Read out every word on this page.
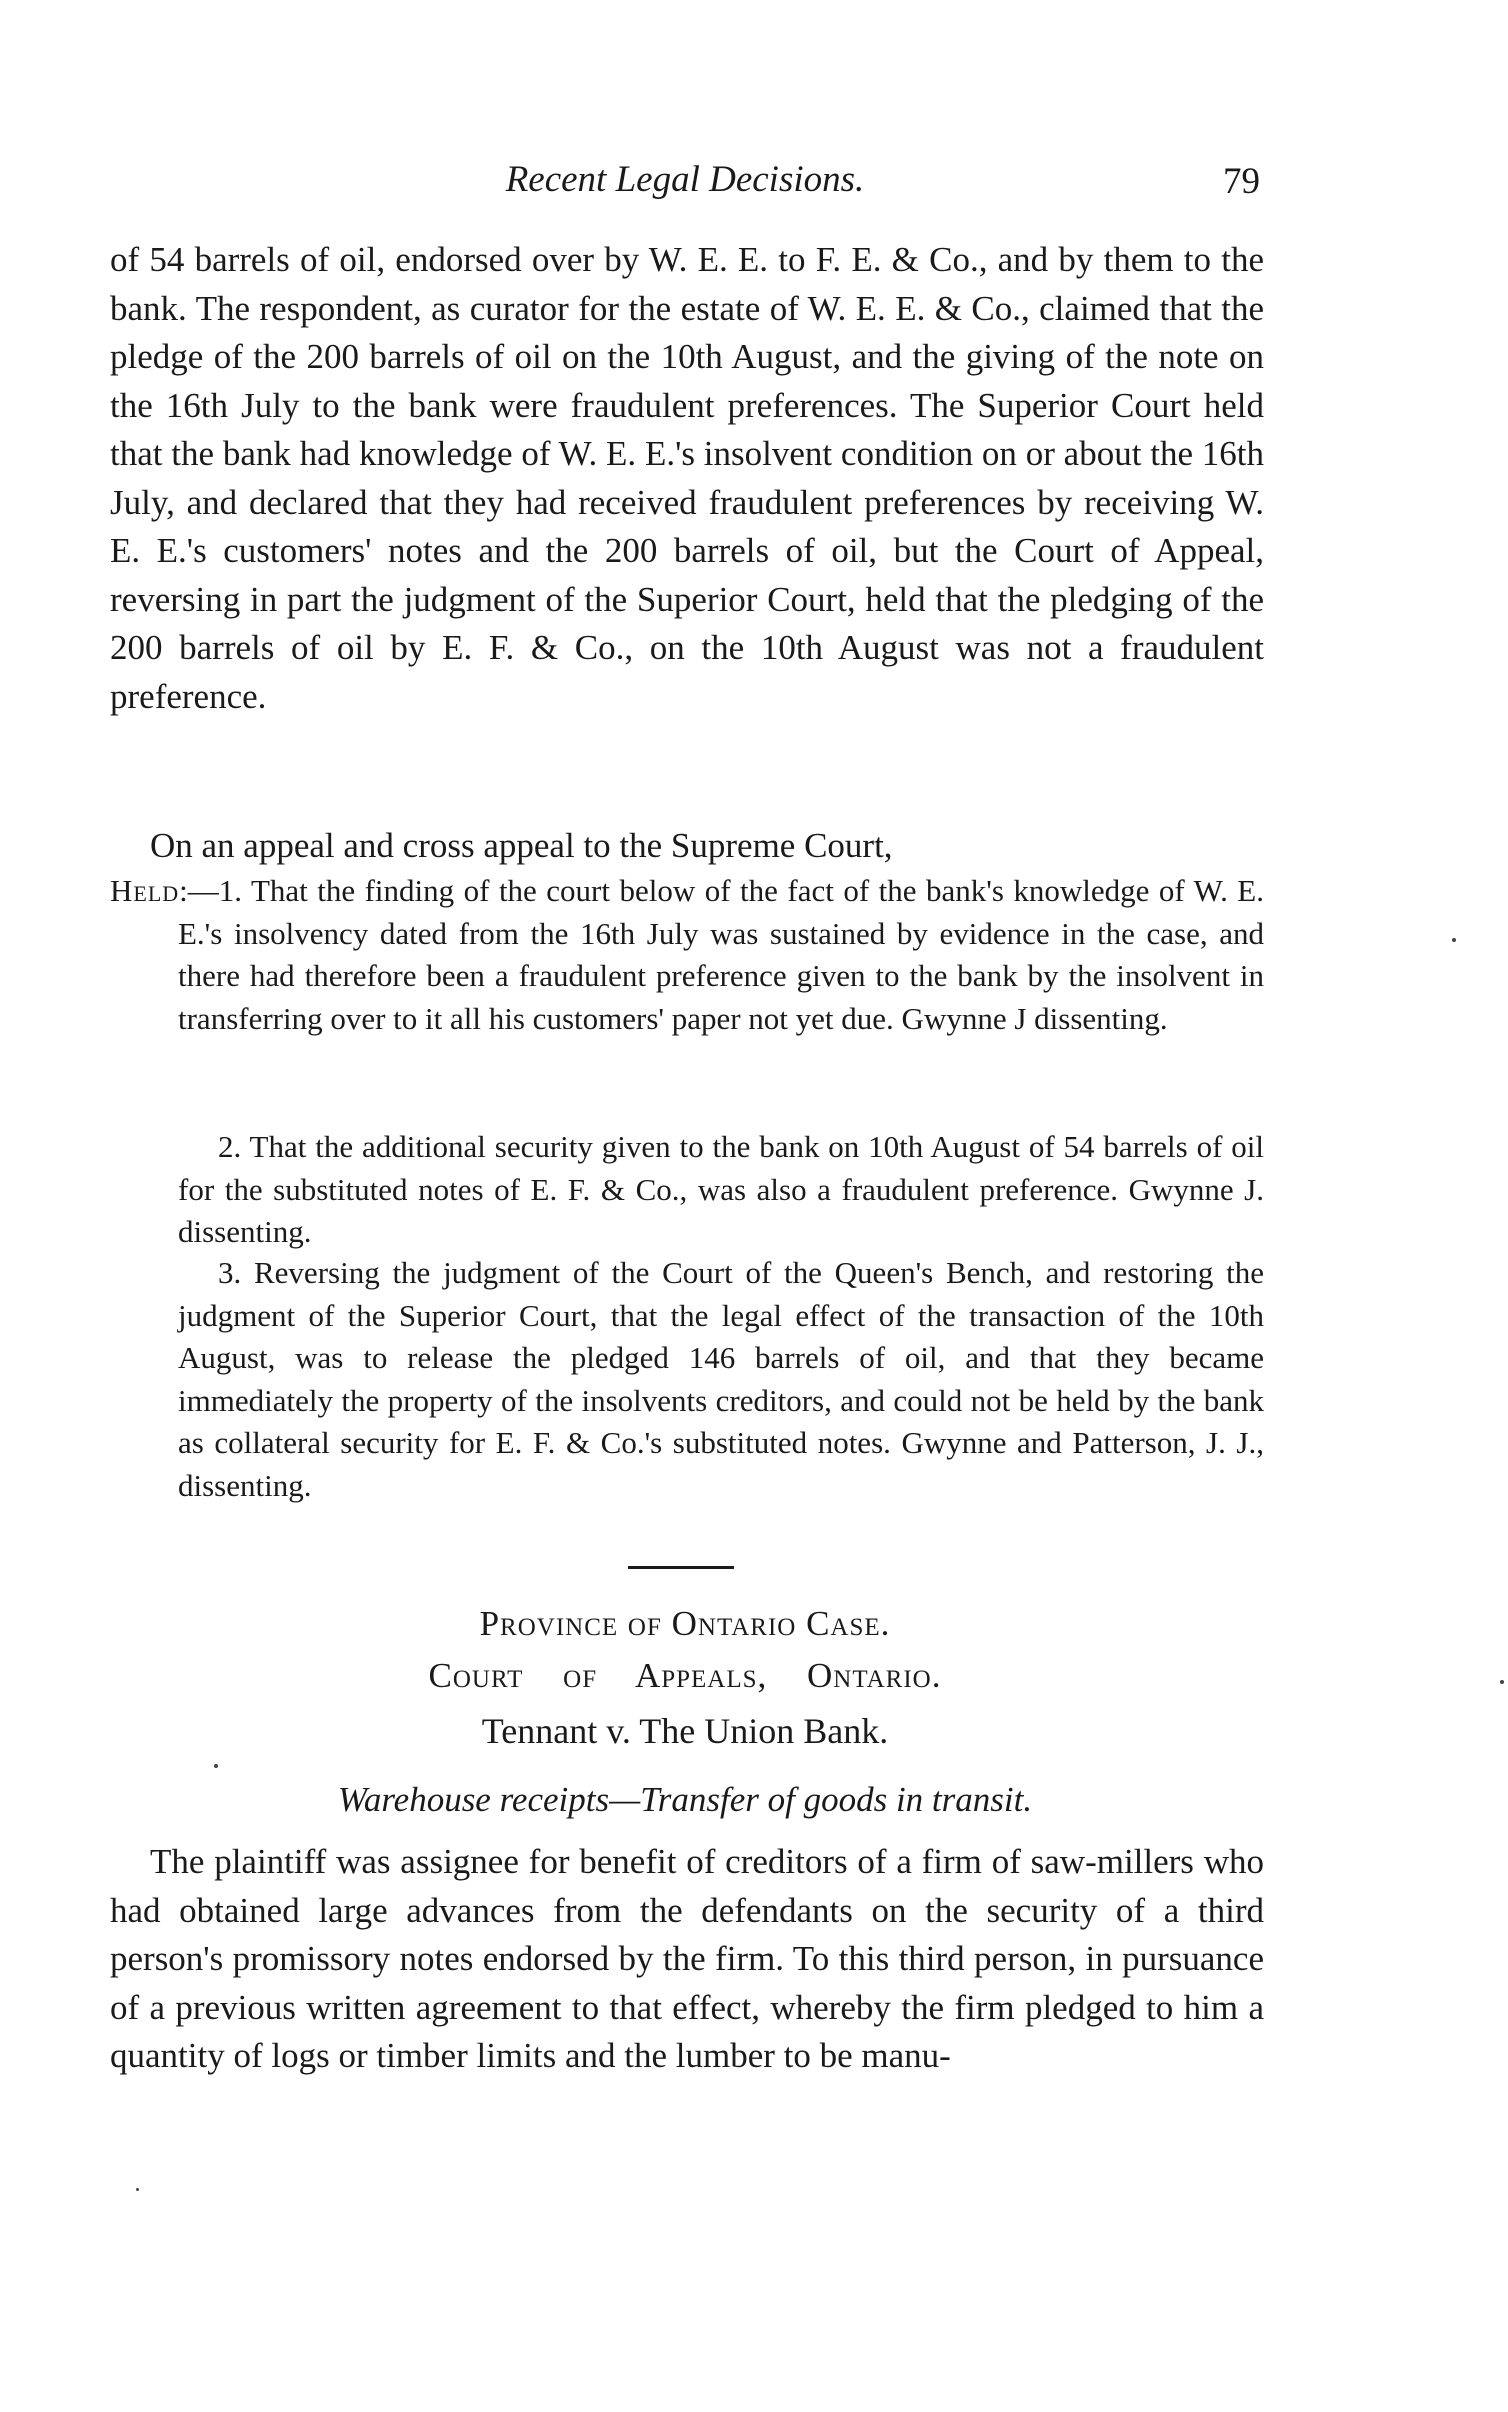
Recent Legal Decisions.	79

of 54 barrels of oil, endorsed over by W. E. E. to F. E. & Co., and by them to the bank. The respondent, as curator for the estate of W. E. E. & Co., claimed that the pledge of the 200 barrels of oil on the 10th August, and the giving of the note on the 16th July to the bank were fraudulent preferences. The Superior Court held that the bank had knowledge of W. E. E.'s insolvent condition on or about the 16th July, and declared that they had received fraudulent preferences by receiving W. E. E.'s customers' notes and the 200 barrels of oil, but the Court of Appeal, reversing in part the judgment of the Superior Court, held that the pledging of the 200 barrels of oil by E. F. & Co., on the 10th August was not a fraudulent preference.

On an appeal and cross appeal to the Supreme Court,

Held:—1. That the finding of the court below of the fact of the bank's knowledge of W. E. E.'s insolvency dated from the 16th July was sustained by evidence in the case, and there had therefore been a fraudulent preference given to the bank by the insolvent in transferring over to it all his customers' paper not yet due. Gwynne J dissenting.

2. That the additional security given to the bank on 10th August of 54 barrels of oil for the substituted notes of E. F. & Co., was also a fraudulent preference. Gwynne J. dissenting.

3. Reversing the judgment of the Court of the Queen's Bench, and restoring the judgment of the Superior Court, that the legal effect of the transaction of the 10th August, was to release the pledged 146 barrels of oil, and that they became immediately the property of the insolvents creditors, and could not be held by the bank as collateral security for E. F. & Co.'s substituted notes. Gwynne and Patterson, J. J., dissenting.

Province of Ontario Case.

Court of Appeals, Ontario.

Tennant v. The Union Bank.

Warehouse receipts—Transfer of goods in transit.

The plaintiff was assignee for benefit of creditors of a firm of saw-millers who had obtained large advances from the defendants on the security of a third person's promissory notes endorsed by the firm. To this third person, in pursuance of a previous written agreement to that effect, whereby the firm pledged to him a quantity of logs or timber limits and the lumber to be manu-
